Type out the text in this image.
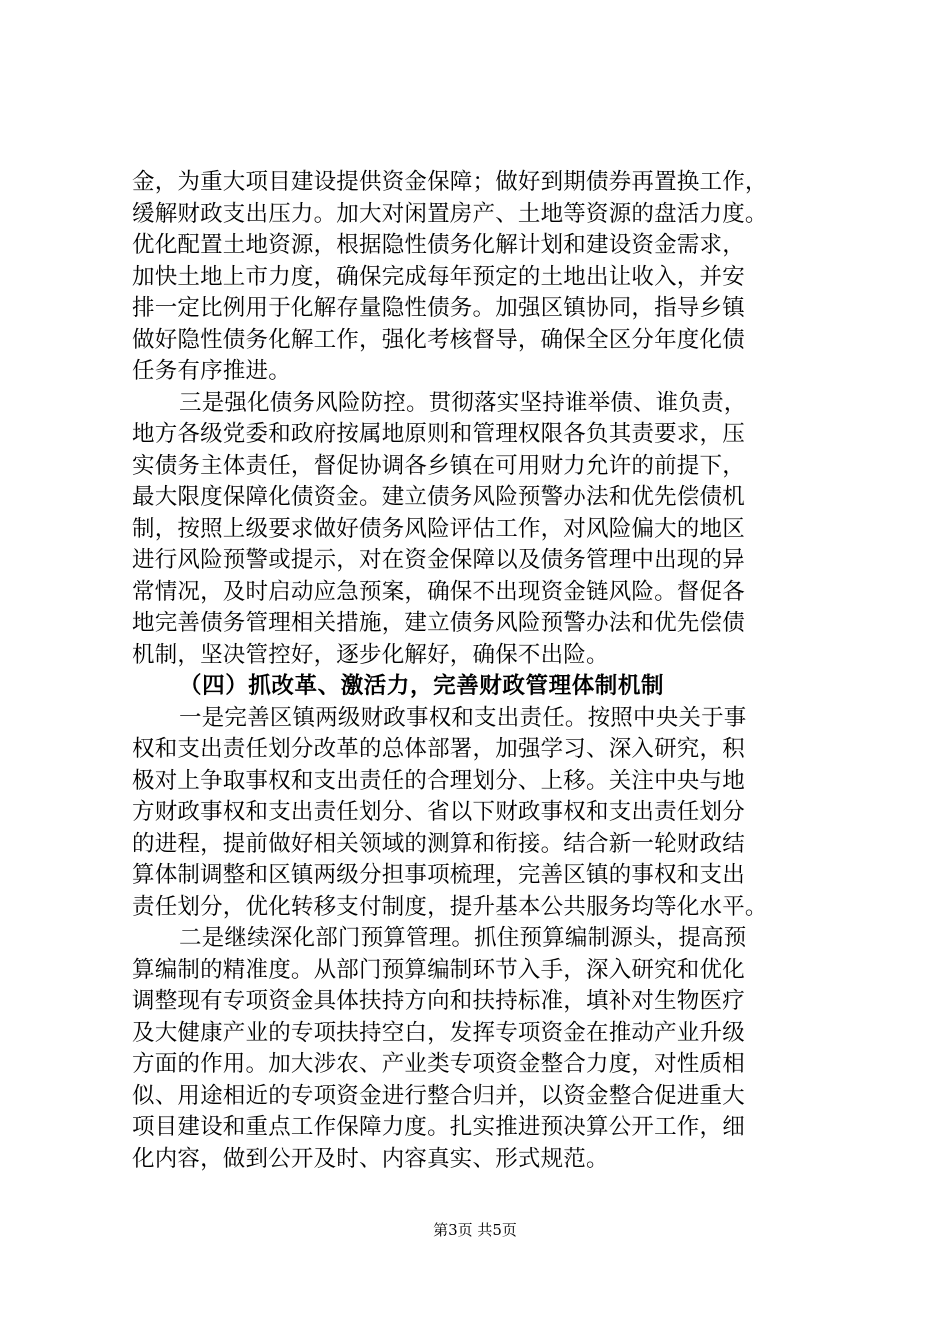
金，为重大项目建设提供资金保障；做好到期债券再置换工作，
缓解财政支出压力。加大对闲置房产、土地等资源的盘活力度。
优化配置土地资源，根据隐性债务化解计划和建设资金需求，
加快土地上市力度，确保完成每年预定的土地出让收入，并安
排一定比例用于化解存量隐性债务。加强区镇协同，指导乡镇
做好隐性债务化解工作，强化考核督导，确保全区分年度化债
任务有序推进。
三是强化债务风险防控。贯彻落实坚持谁举债、谁负责，
地方各级党委和政府按属地原则和管理权限各负其责要求，压
实债务主体责任，督促协调各乡镇在可用财力允许的前提下，
最大限度保障化债资金。建立债务风险预警办法和优先偿债机
制，按照上级要求做好债务风险评估工作，对风险偏大的地区
进行风险预警或提示，对在资金保障以及债务管理中出现的异
常情况，及时启动应急预案，确保不出现资金链风险。督促各
地完善债务管理相关措施，建立债务风险预警办法和优先偿债
机制，坚决管控好，逐步化解好，确保不出险。
（四）抓改革、激活力，完善财政管理体制机制
一是完善区镇两级财政事权和支出责任。按照中央关于事
权和支出责任划分改革的总体部署，加强学习、深入研究，积
极对上争取事权和支出责任的合理划分、上移。关注中央与地
方财政事权和支出责任划分、省以下财政事权和支出责任划分
的进程，提前做好相关领域的测算和衔接。结合新一轮财政结
算体制调整和区镇两级分担事项梳理，完善区镇的事权和支出
责任划分，优化转移支付制度，提升基本公共服务均等化水平。
二是继续深化部门预算管理。抓住预算编制源头，提高预
算编制的精准度。从部门预算编制环节入手，深入研究和优化
调整现有专项资金具体扶持方向和扶持标准，填补对生物医疗
及大健康产业的专项扶持空白，发挥专项资金在推动产业升级
方面的作用。加大涉农、产业类专项资金整合力度，对性质相
似、用途相近的专项资金进行整合归并，以资金整合促进重大
项目建设和重点工作保障力度。扎实推进预决算公开工作，细
化内容，做到公开及时、内容真实、形式规范。
第3页 共5页
